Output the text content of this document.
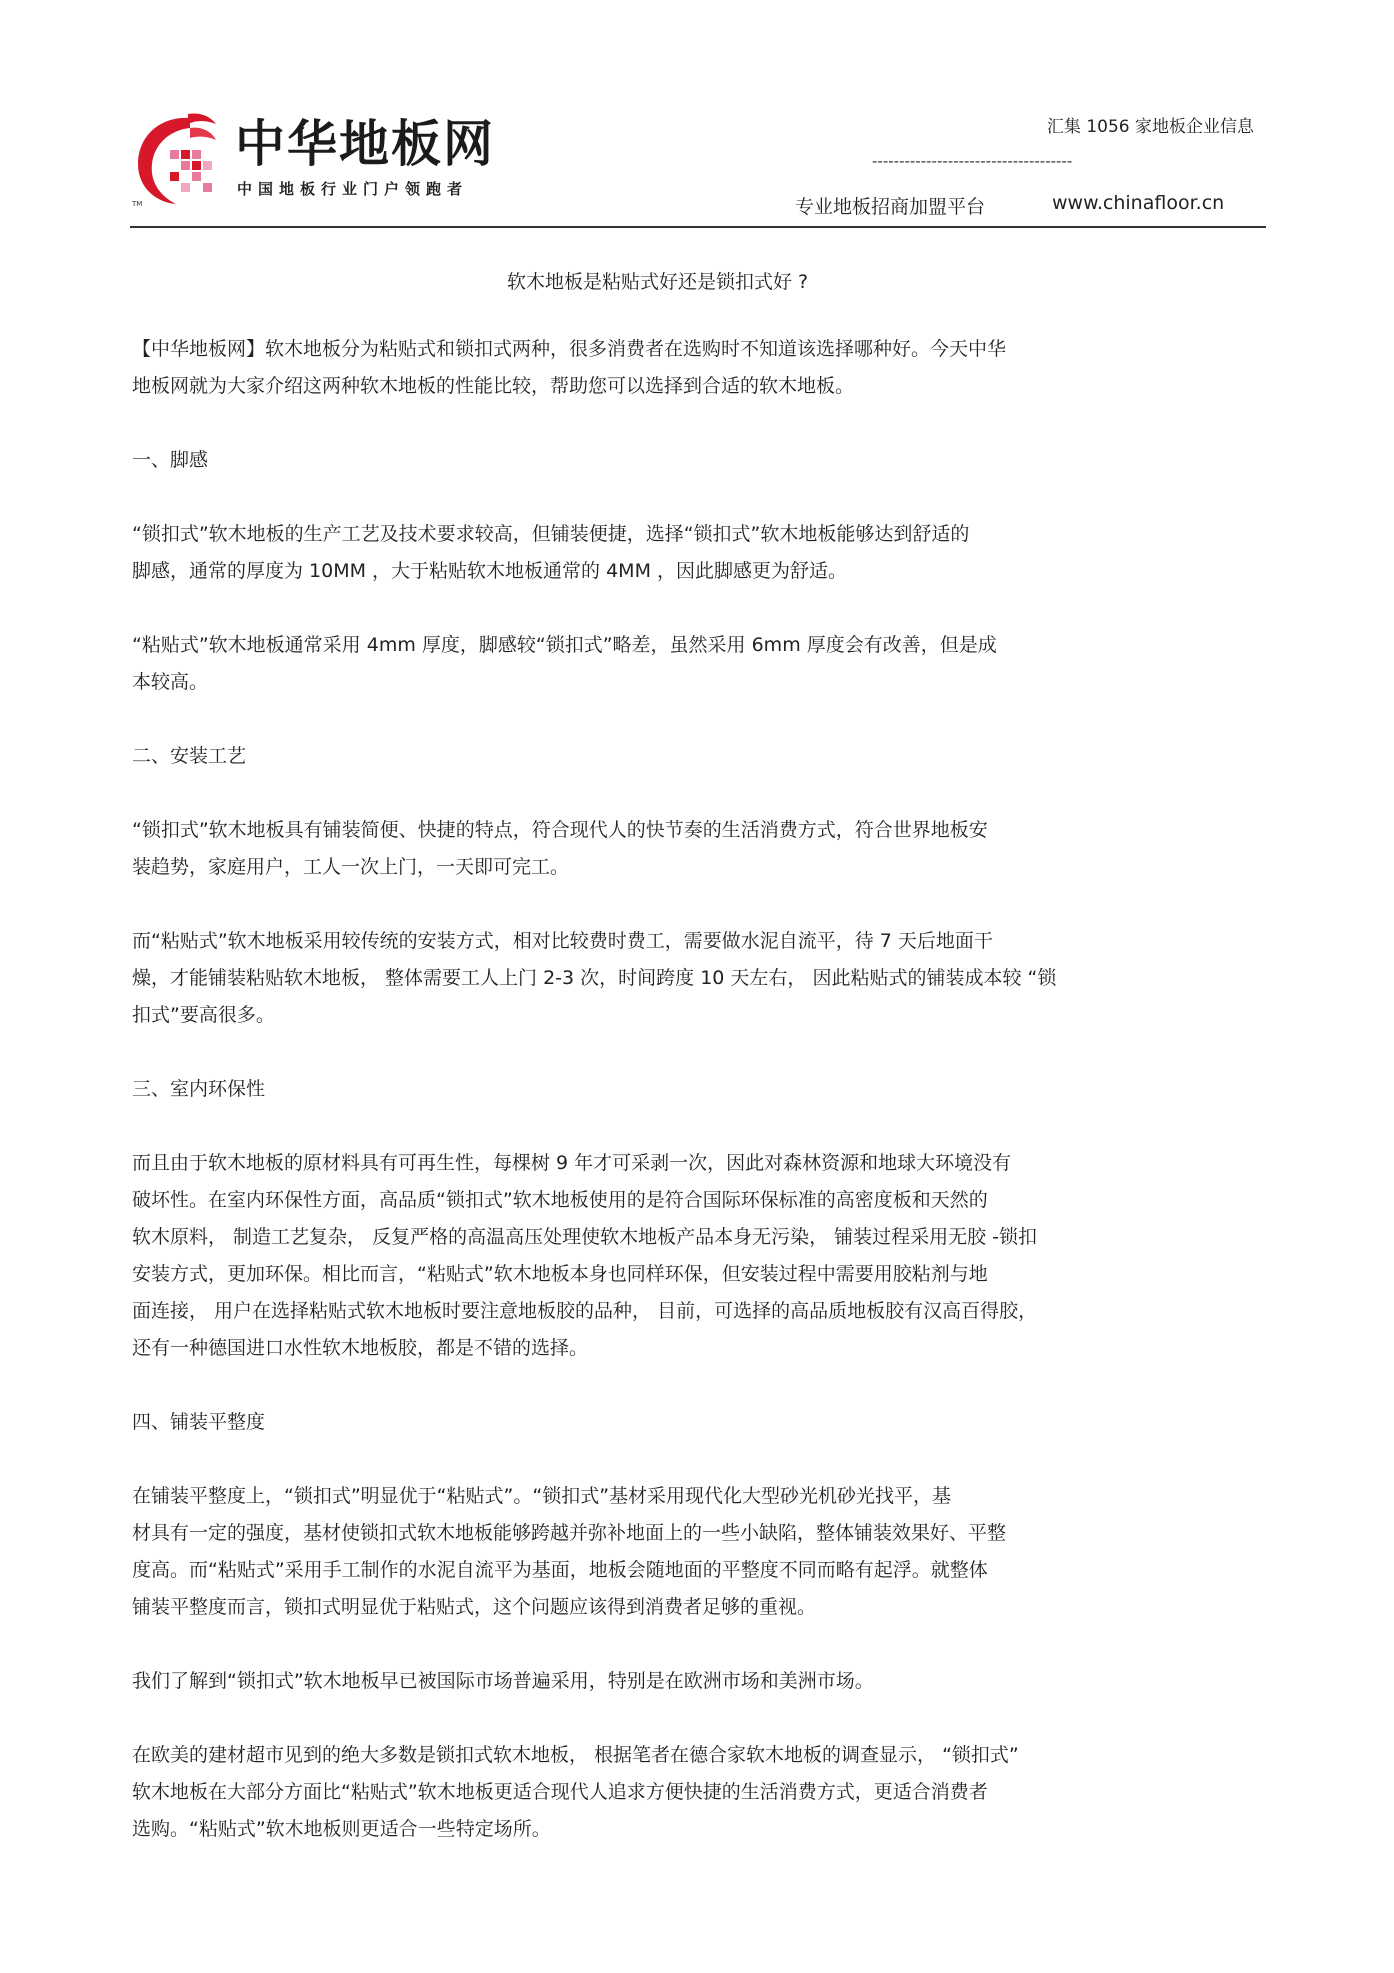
TM
中华地板网
中国地板行业门户领跑者
汇集 1056 家地板企业信息
-------------------------------------
专业地板招商加盟平台	www.chinafloor.cn
软木地板是粘贴式好还是锁扣式好 ?
【中华地板网】软木地板分为粘贴式和锁扣式两种，很多消费者在选购时不知道该选择哪种好。今天中华
地板网就为大家介绍这两种软木地板的性能比较，帮助您可以选择到合适的软木地板。
一、脚感
“锁扣式”软木地板的生产工艺及技术要求较高，但铺装便捷，选择“锁扣式”软木地板能够达到舒适的
脚感，通常的厚度为 10MM ，大于粘贴软木地板通常的 4MM ，因此脚感更为舒适。
“粘贴式”软木地板通常采用 4mm 厚度，脚感较“锁扣式”略差，虽然采用 6mm 厚度会有改善，但是成
本较高。
二、安装工艺
“锁扣式”软木地板具有铺装简便、快捷的特点，符合现代人的快节奏的生活消费方式，符合世界地板安
装趋势，家庭用户，工人一次上门，一天即可完工。
而“粘贴式”软木地板采用较传统的安装方式，相对比较费时费工，需要做水泥自流平，待 7 天后地面干
燥，才能铺装粘贴软木地板， 整体需要工人上门 2-3 次，时间跨度 10 天左右， 因此粘贴式的铺装成本较 “锁
扣式”要高很多。
三、室内环保性
而且由于软木地板的原材料具有可再生性，每棵树 9 年才可采剥一次，因此对森林资源和地球大环境没有
破坏性。在室内环保性方面，高品质“锁扣式”软木地板使用的是符合国际环保标准的高密度板和天然的
软木原料， 制造工艺复杂， 反复严格的高温高压处理使软木地板产品本身无污染， 铺装过程采用无胶 -锁扣
安装方式，更加环保。相比而言，“粘贴式”软木地板本身也同样环保，但安装过程中需要用胶粘剂与地
面连接， 用户在选择粘贴式软木地板时要注意地板胶的品种， 目前，可选择的高品质地板胶有汉高百得胶，
还有一种德国进口水性软木地板胶，都是不错的选择。
四、铺装平整度
在铺装平整度上，“锁扣式”明显优于“粘贴式”。“锁扣式”基材采用现代化大型砂光机砂光找平，基
材具有一定的强度，基材使锁扣式软木地板能够跨越并弥补地面上的一些小缺陷，整体铺装效果好、平整
度高。而“粘贴式”采用手工制作的水泥自流平为基面，地板会随地面的平整度不同而略有起浮。就整体
铺装平整度而言，锁扣式明显优于粘贴式，这个问题应该得到消费者足够的重视。
我们了解到“锁扣式”软木地板早已被国际市场普遍采用，特别是在欧洲市场和美洲市场。
在欧美的建材超市见到的绝大多数是锁扣式软木地板， 根据笔者在德合家软木地板的调查显示， “锁扣式”
软木地板在大部分方面比“粘贴式”软木地板更适合现代人追求方便快捷的生活消费方式，更适合消费者
选购。“粘贴式”软木地板则更适合一些特定场所。
